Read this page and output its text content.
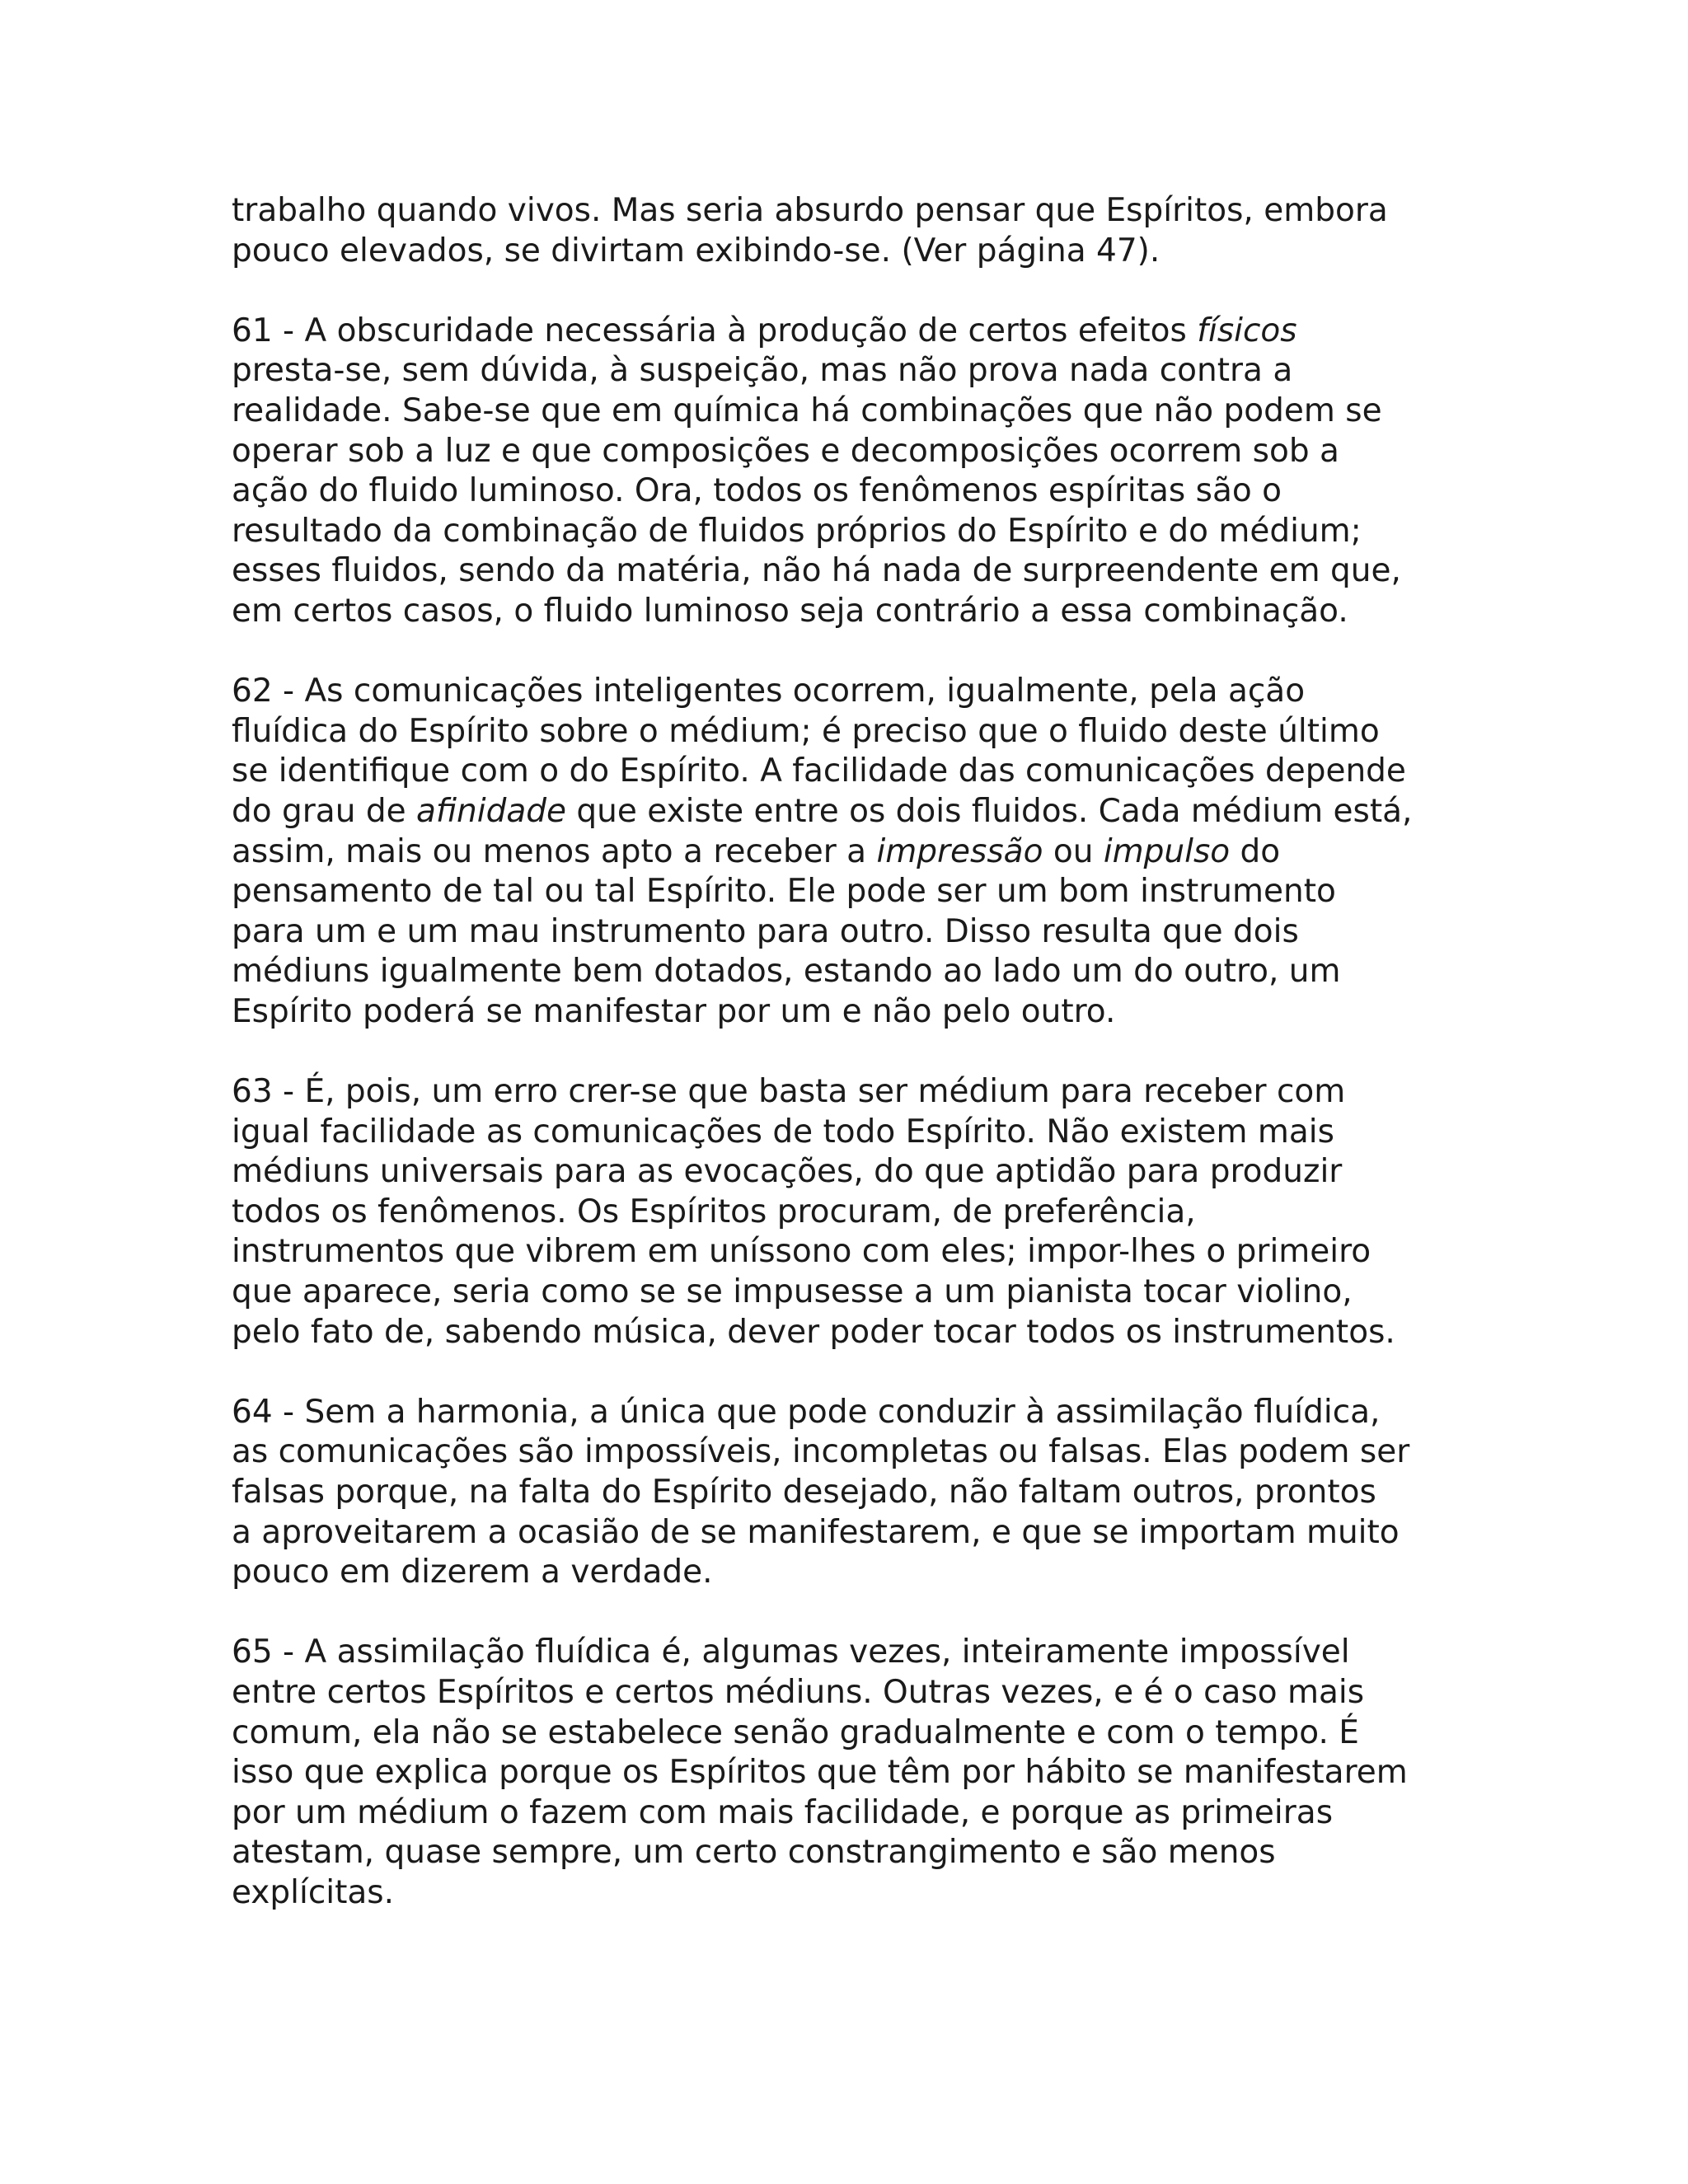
trabalho quando vivos. Mas seria absurdo pensar que Espíritos, embora
pouco elevados, se divirtam exibindo-se. (Ver página 47).
61 - A obscuridade necessária à produção de certos efeitos físicos
presta-se, sem dúvida, à suspeição, mas não prova nada contra a
realidade. Sabe-se que em química há combinações que não podem se
operar sob a luz e que composições e decomposições ocorrem sob a
ação do fluido luminoso. Ora, todos os fenômenos espíritas são o
resultado da combinação de fluidos próprios do Espírito e do médium;
esses fluidos, sendo da matéria, não há nada de surpreendente em que,
em certos casos, o fluido luminoso seja contrário a essa combinação.
62 - As comunicações inteligentes ocorrem, igualmente, pela ação
fluídica do Espírito sobre o médium; é preciso que o fluido deste último
se identifique com o do Espírito. A facilidade das comunicações depende
do grau de afinidade que existe entre os dois fluidos. Cada médium está,
assim, mais ou menos apto a receber a impressão ou impulso do
pensamento de tal ou tal Espírito. Ele pode ser um bom instrumento
para um e um mau instrumento para outro. Disso resulta que dois
médiuns igualmente bem dotados, estando ao lado um do outro, um
Espírito poderá se manifestar por um e não pelo outro.
63 - É, pois, um erro crer-se que basta ser médium para receber com
igual facilidade as comunicações de todo Espírito. Não existem mais
médiuns universais para as evocações, do que aptidão para produzir
todos os fenômenos. Os Espíritos procuram, de preferência,
instrumentos que vibrem em uníssono com eles; impor-lhes o primeiro
que aparece, seria como se se impusesse a um pianista tocar violino,
pelo fato de, sabendo música, dever poder tocar todos os instrumentos.
64 - Sem a harmonia, a única que pode conduzir à assimilação fluídica,
as comunicações são impossíveis, incompletas ou falsas. Elas podem ser
falsas porque, na falta do Espírito desejado, não faltam outros, prontos
a aproveitarem a ocasião de se manifestarem, e que se importam muito
pouco em dizerem a verdade.
65 - A assimilação fluídica é, algumas vezes, inteiramente impossível
entre certos Espíritos e certos médiuns. Outras vezes, e é o caso mais
comum, ela não se estabelece senão gradualmente e com o tempo. É
isso que explica porque os Espíritos que têm por hábito se manifestarem
por um médium o fazem com mais facilidade, e porque as primeiras
atestam, quase sempre, um certo constrangimento e são menos
explícitas.
